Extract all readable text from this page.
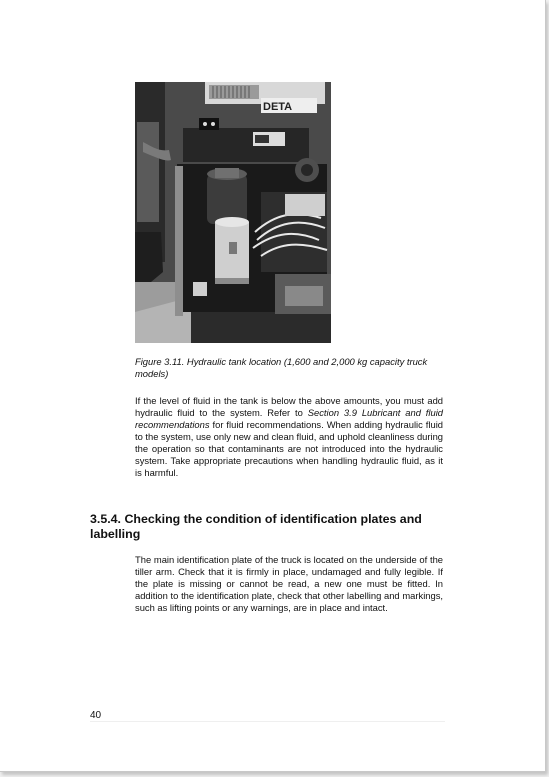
DETA
Figure 3.11. Hydraulic tank location (1,600 and 2,000 kg capacity truck models)
If the level of fluid in the tank is below the above amounts, you must add hydraulic fluid to the system. Refer to Section 3.9 Lubricant and fluid recommendations for fluid recommendations. When adding hydraulic fluid to the system, use only new and clean fluid, and uphold cleanliness during the operation so that contaminants are not introduced into the hydraulic system. Take appropriate precautions when handling hydraulic fluid, as it is harmful.
3.5.4. Checking the condition of identification plates and labelling
The main identification plate of the truck is located on the underside of the tiller arm. Check that it is firmly in place, undamaged and fully legible. If the plate is missing or cannot be read, a new one must be fitted. In addition to the identification plate, check that other labelling and markings, such as lifting points or any warnings, are in place and intact.
40
